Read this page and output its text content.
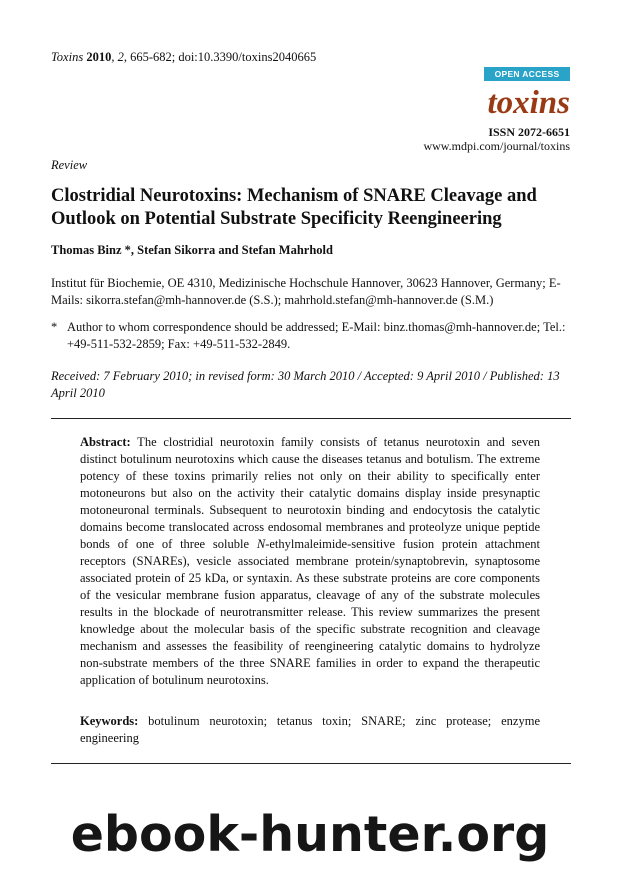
Toxins 2010, 2, 665-682; doi:10.3390/toxins2040665
OPEN ACCESS
toxins
ISSN 2072-6651
www.mdpi.com/journal/toxins
Review
Clostridial Neurotoxins: Mechanism of SNARE Cleavage and Outlook on Potential Substrate Specificity Reengineering
Thomas Binz *, Stefan Sikorra and Stefan Mahrhold
Institut für Biochemie, OE 4310, Medizinische Hochschule Hannover, 30623 Hannover, Germany; E-Mails: sikorra.stefan@mh-hannover.de (S.S.); mahrhold.stefan@mh-hannover.de (S.M.)
* Author to whom correspondence should be addressed; E-Mail: binz.thomas@mh-hannover.de; Tel.: +49-511-532-2859; Fax: +49-511-532-2849.
Received: 7 February 2010; in revised form: 30 March 2010 / Accepted: 9 April 2010 / Published: 13 April 2010
Abstract: The clostridial neurotoxin family consists of tetanus neurotoxin and seven distinct botulinum neurotoxins which cause the diseases tetanus and botulism. The extreme potency of these toxins primarily relies not only on their ability to specifically enter motoneurons but also on the activity their catalytic domains display inside presynaptic motoneuronal terminals. Subsequent to neurotoxin binding and endocytosis the catalytic domains become translocated across endosomal membranes and proteolyze unique peptide bonds of one of three soluble N-ethylmaleimide-sensitive fusion protein attachment receptors (SNAREs), vesicle associated membrane protein/synaptobrevin, synaptosome associated protein of 25 kDa, or syntaxin. As these substrate proteins are core components of the vesicular membrane fusion apparatus, cleavage of any of the substrate molecules results in the blockade of neurotransmitter release. This review summarizes the present knowledge about the molecular basis of the specific substrate recognition and cleavage mechanism and assesses the feasibility of reengineering catalytic domains to hydrolyze non-substrate members of the three SNARE families in order to expand the therapeutic application of botulinum neurotoxins.
Keywords: botulinum neurotoxin; tetanus toxin; SNARE; zinc protease; enzyme engineering
ebook-hunter.org
